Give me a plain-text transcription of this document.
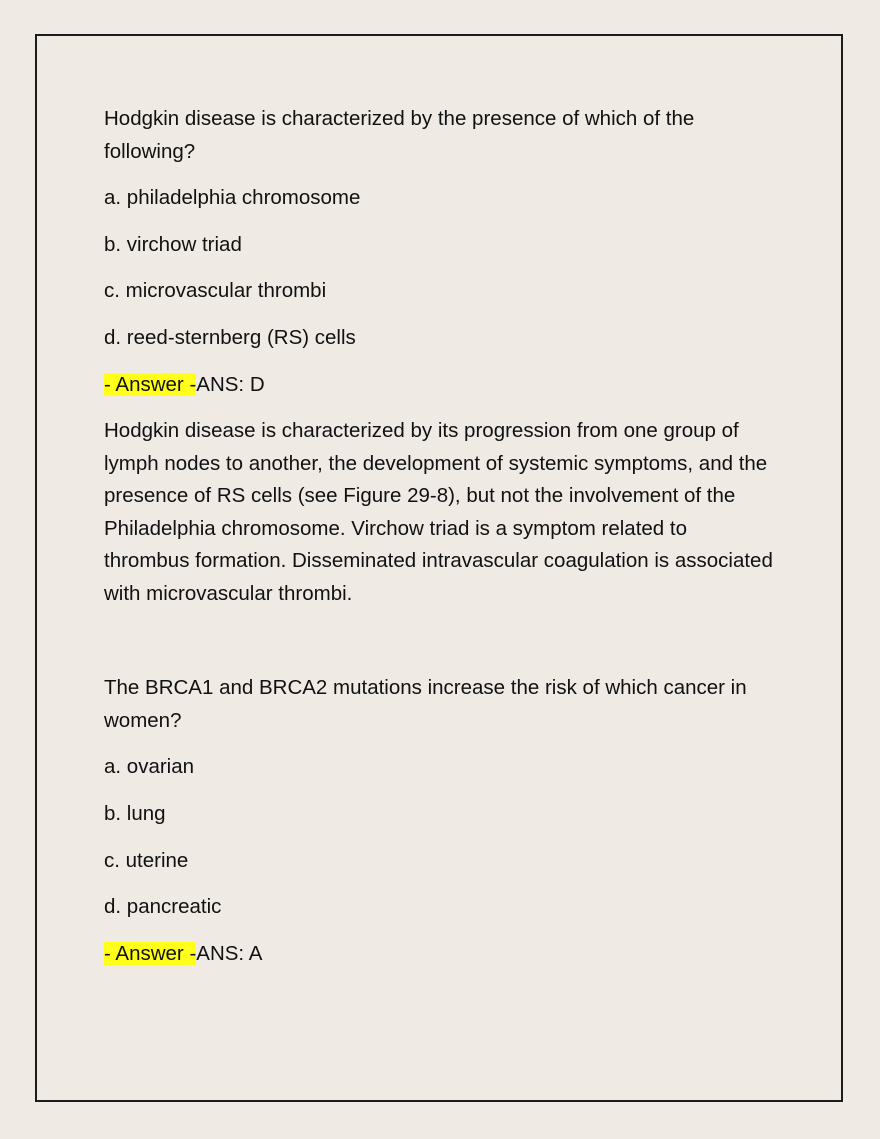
Hodgkin disease is characterized by the presence of which of the following?

a. philadelphia chromosome

b. virchow triad

c. microvascular thrombi

d. reed-sternberg (RS) cells

- Answer -ANS: D

Hodgkin disease is characterized by its progression from one group of lymph nodes to another, the development of systemic symptoms, and the presence of RS cells (see Figure 29-8), but not the involvement of the Philadelphia chromosome. Virchow triad is a symptom related to thrombus formation. Disseminated intravascular coagulation is associated with microvascular thrombi.

The BRCA1 and BRCA2 mutations increase the risk of which cancer in women?

a. ovarian

b. lung

c. uterine

d. pancreatic

- Answer -ANS: A
